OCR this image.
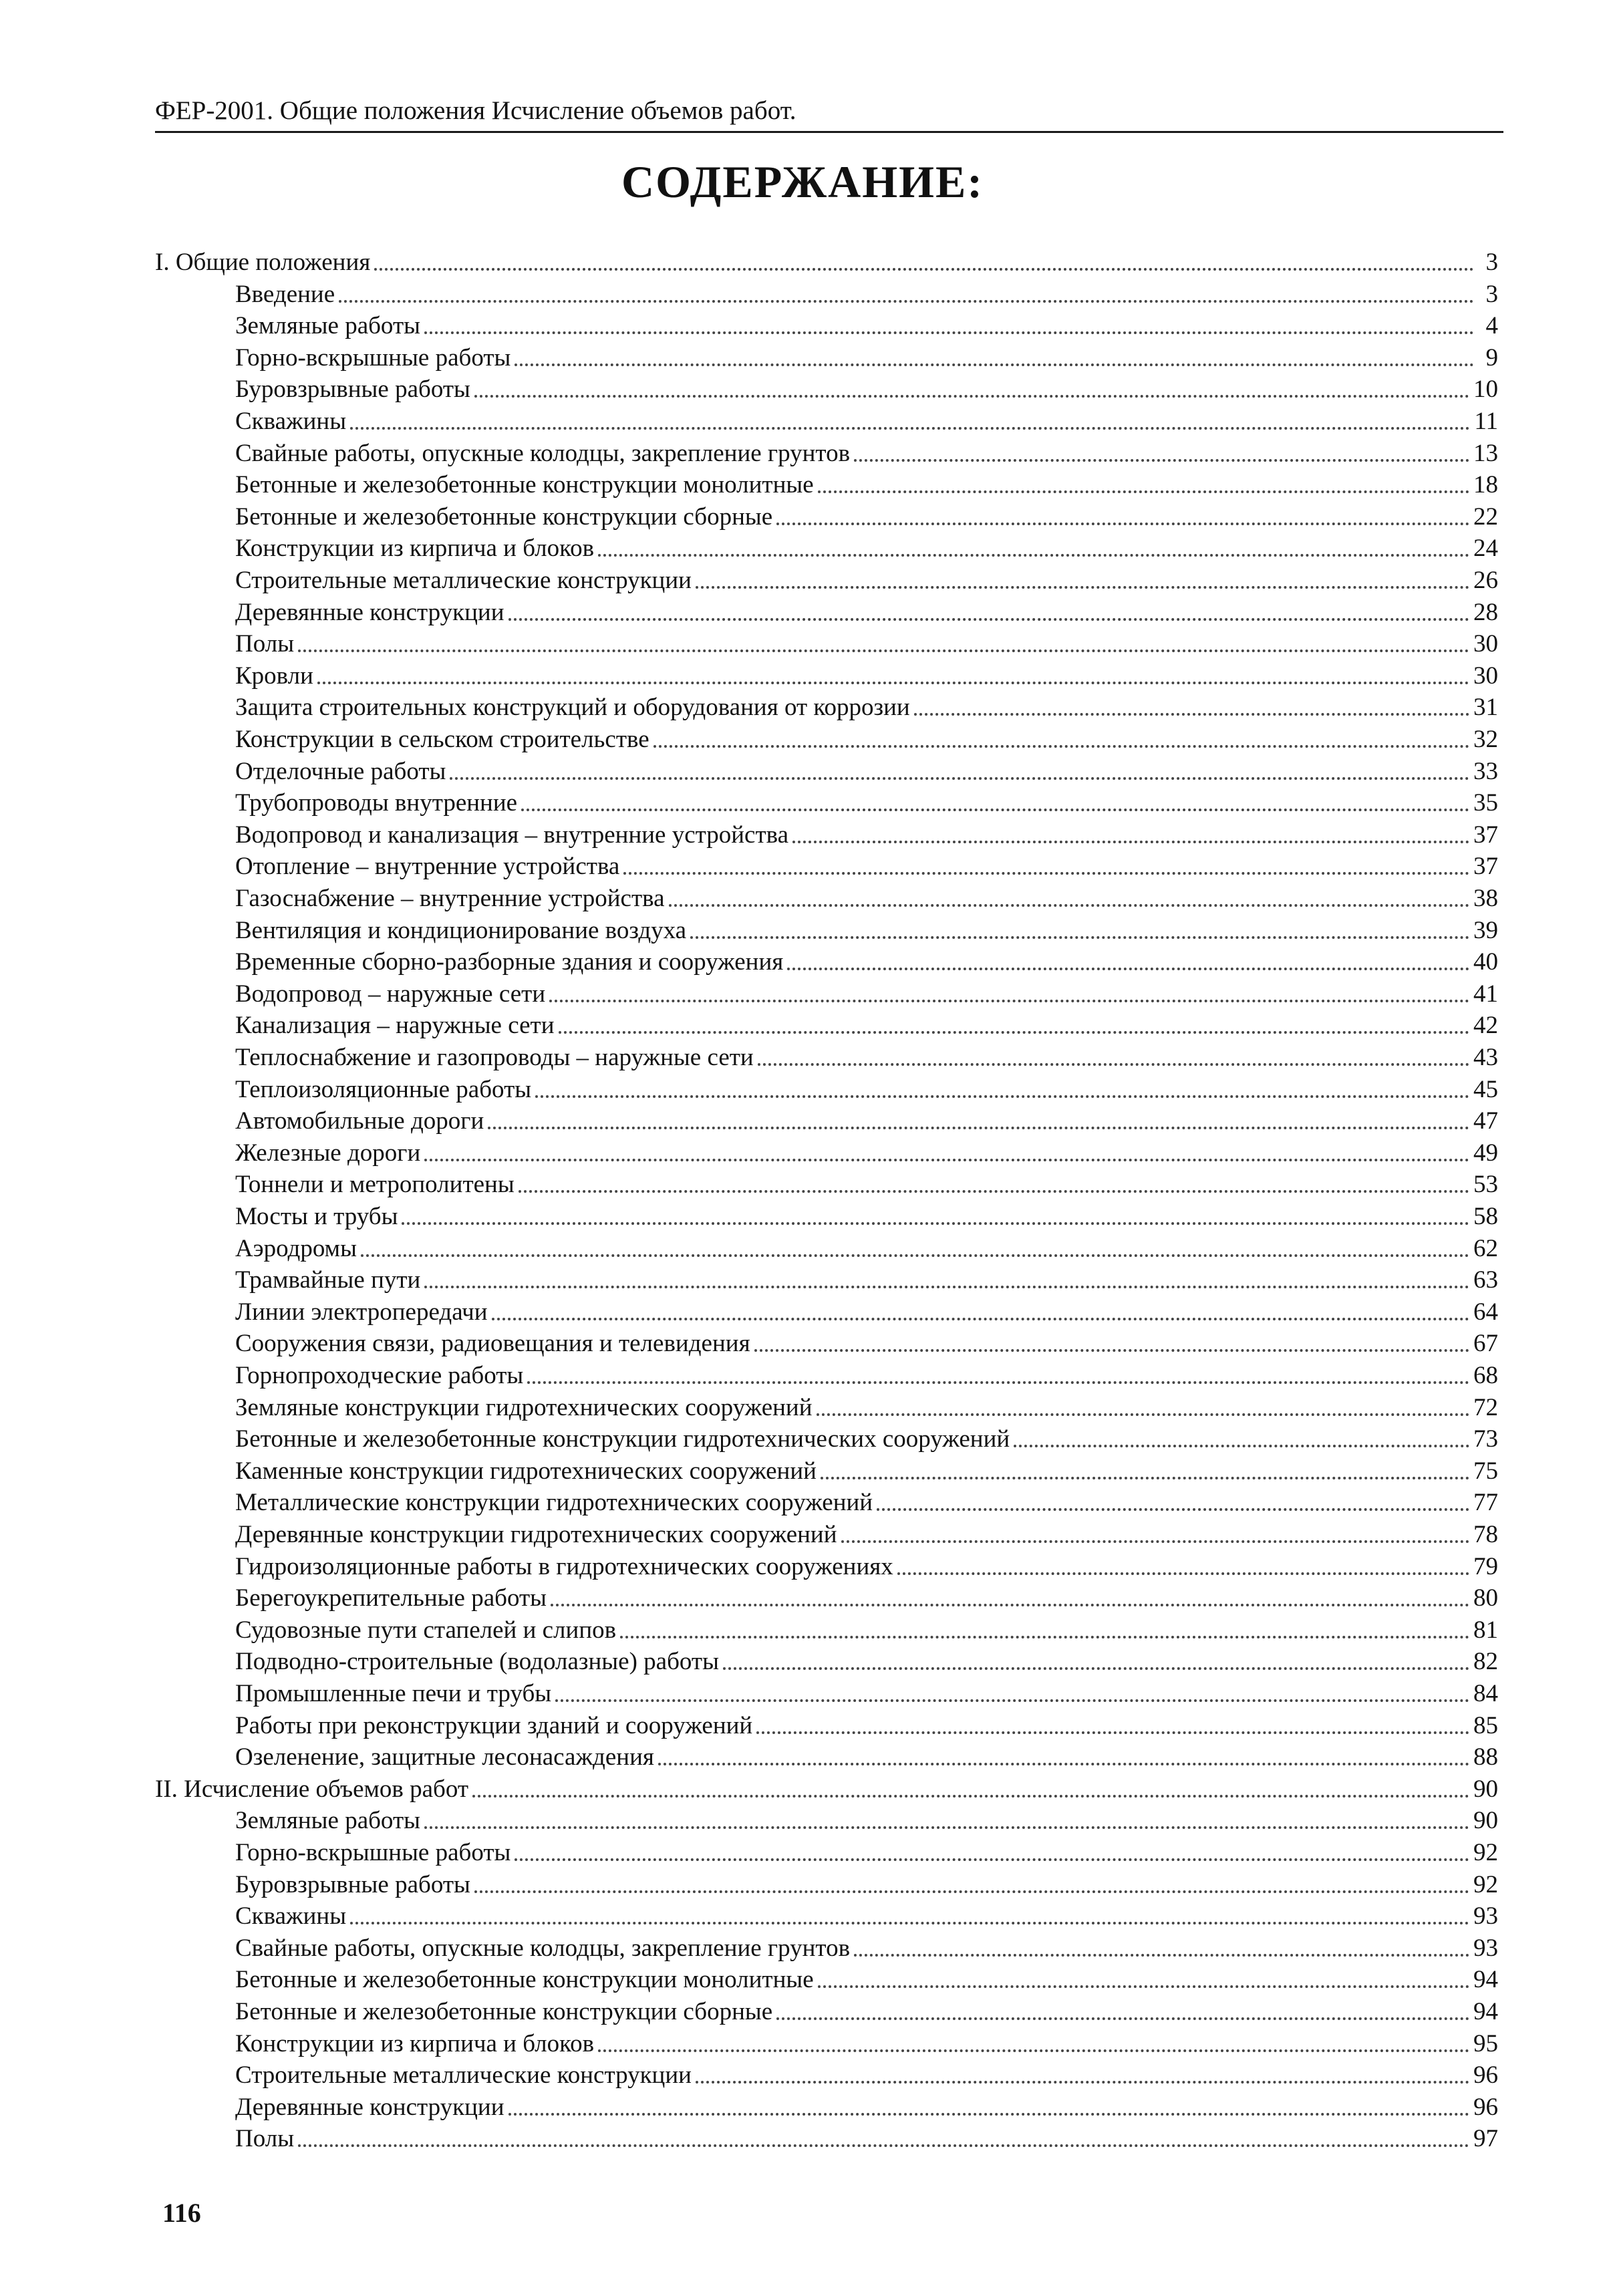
ФЕР-2001. Общие положения Исчисление объемов работ.
СОДЕРЖАНИЕ:
I. Общие положения	3
Введение	3
Земляные работы	4
Горно-вскрышные работы	9
Буровзрывные работы	10
Скважины	11
Свайные работы, опускные колодцы, закрепление грунтов	13
Бетонные и железобетонные конструкции монолитные	18
Бетонные и железобетонные конструкции сборные	22
Конструкции из кирпича и блоков	24
Строительные металлические конструкции	26
Деревянные конструкции	28
Полы	30
Кровли	30
Защита строительных конструкций и оборудования от коррозии	31
Конструкции в сельском строительстве	32
Отделочные работы	33
Трубопроводы внутренние	35
Водопровод и канализация – внутренние устройства	37
Отопление – внутренние устройства	37
Газоснабжение – внутренние устройства	38
Вентиляция и кондиционирование воздуха	39
Временные сборно-разборные здания и сооружения	40
Водопровод – наружные сети	41
Канализация – наружные сети	42
Теплоснабжение и газопроводы – наружные сети	43
Теплоизоляционные работы	45
Автомобильные дороги	47
Железные дороги	49
Тоннели и метрополитены	53
Мосты и трубы	58
Аэродромы	62
Трамвайные пути	63
Линии электропередачи	64
Сооружения связи, радиовещания и телевидения	67
Горнопроходческие работы	68
Земляные конструкции гидротехнических сооружений	72
Бетонные и железобетонные конструкции гидротехнических сооружений	73
Каменные конструкции гидротехнических сооружений	75
Металлические конструкции гидротехнических сооружений	77
Деревянные конструкции гидротехнических сооружений	78
Гидроизоляционные работы в гидротехнических сооружениях	79
Берегоукрепительные работы	80
Судовозные пути стапелей и слипов	81
Подводно-строительные (водолазные) работы	82
Промышленные печи и трубы	84
Работы при реконструкции зданий и сооружений	85
Озеленение, защитные лесонасаждения	88
II. Исчисление объемов работ	90
Земляные работы	90
Горно-вскрышные работы	92
Буровзрывные работы	92
Скважины	93
Свайные работы, опускные колодцы, закрепление грунтов	93
Бетонные и железобетонные конструкции монолитные	94
Бетонные и железобетонные конструкции сборные	94
Конструкции из кирпича и блоков	95
Строительные металлические конструкции	96
Деревянные конструкции	96
Полы	97
116
